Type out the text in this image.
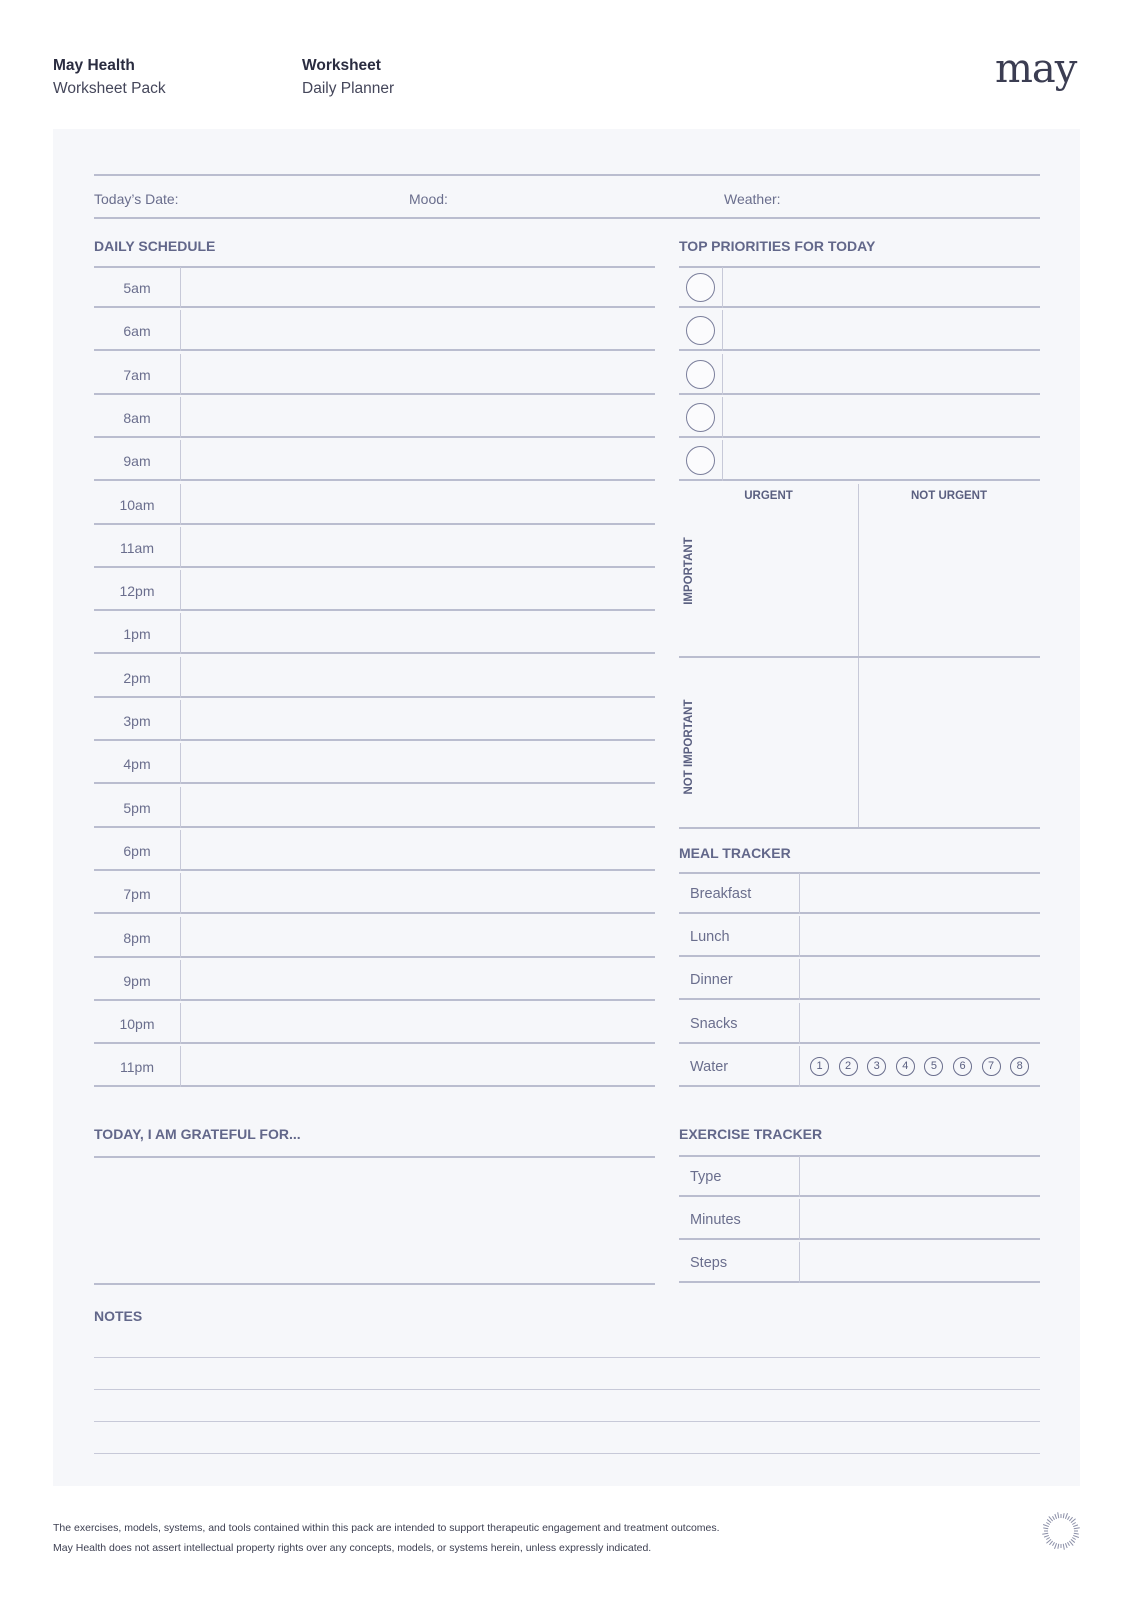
May Health
Worksheet Pack
Worksheet
Daily Planner	may
Today’s Date:	Mood:	Weather:
DAILY SCHEDULE	TOP PRIORITIES FOR TODAY
5am
6am
7am
8am
9am
10am
11am
12pm
1pm
2pm
3pm
4pm
5pm
6pm
7pm
8pm
9pm
10pm
11pm
URGENT	NOT URGENT
IMPORTANT
NOT IMPORTANT
MEAL TRACKER
Breakfast
Lunch
Dinner
Snacks
Water	1	2	3	4	5	6	7	8
TODAY, I AM GRATEFUL FOR...	EXERCISE TRACKER
Type
Minutes
Steps
NOTES
The exercises, models, systems, and tools contained within this pack are intended to support therapeutic engagement and treatment outcomes.
May Health does not assert intellectual property rights over any concepts, models, or systems herein, unless expressly indicated.
